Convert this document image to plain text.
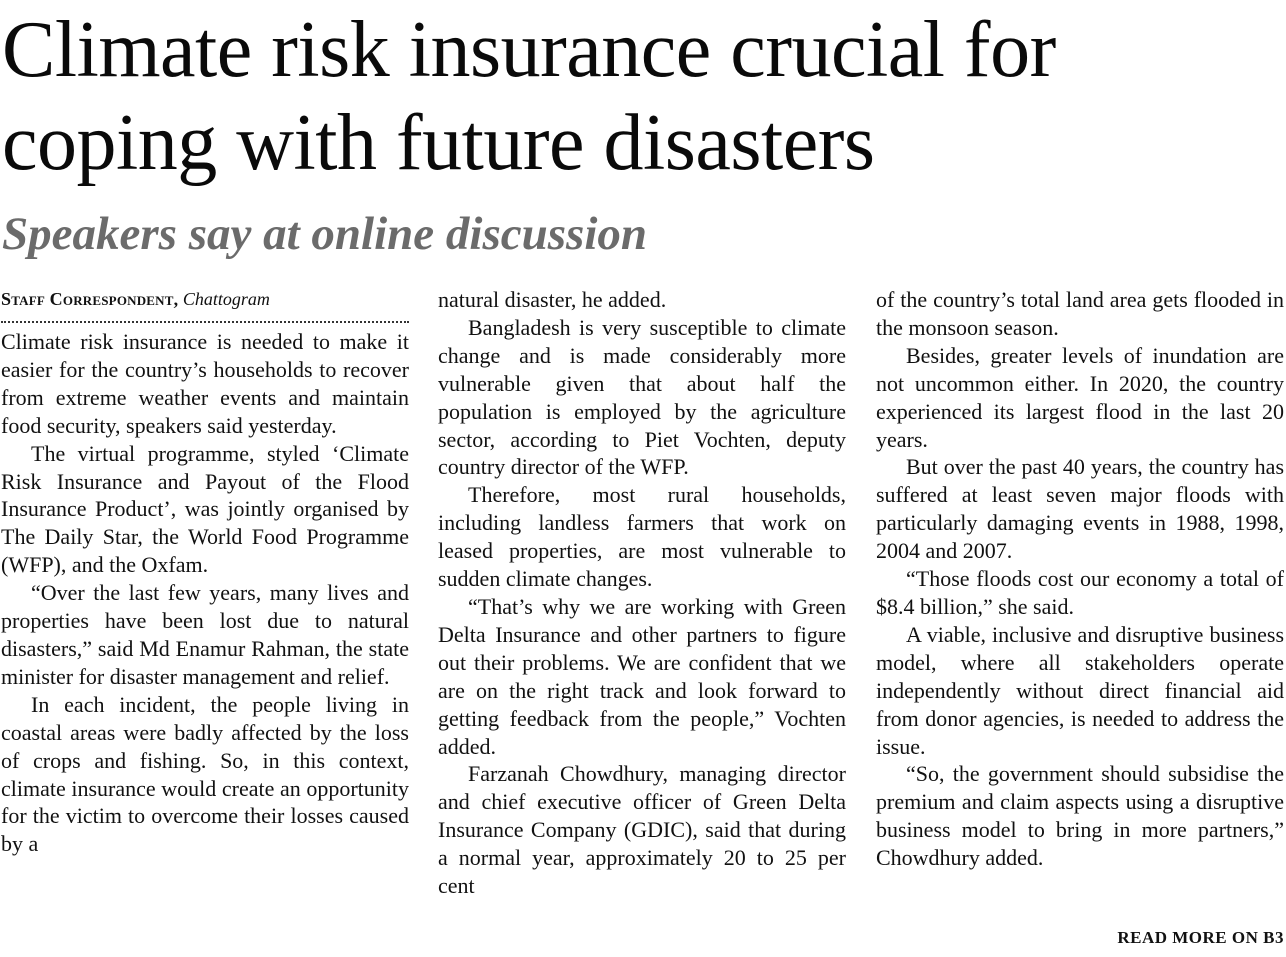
Climate risk insurance crucial for coping with future disasters
Speakers say at online discussion
Staff Correspondent, Chattogram

Climate risk insurance is needed to make it easier for the country’s households to recover from extreme weather events and maintain food security, speakers said yesterday.

The virtual programme, styled ‘Climate Risk Insurance and Payout of the Flood Insurance Product’, was jointly organised by The Daily Star, the World Food Programme (WFP), and the Oxfam.

“Over the last few years, many lives and properties have been lost due to natural disasters,” said Md Enamur Rahman, the state minister for disaster management and relief.

In each incident, the people living in coastal areas were badly affected by the loss of crops and fishing. So, in this context, climate insurance would create an opportunity for the victim to overcome their losses caused by a

natural disaster, he added.

Bangladesh is very susceptible to climate change and is made considerably more vulnerable given that about half the population is employed by the agriculture sector, according to Piet Vochten, deputy country director of the WFP.

Therefore, most rural households, including landless farmers that work on leased properties, are most vulnerable to sudden climate changes.

“That’s why we are working with Green Delta Insurance and other partners to figure out their problems. We are confident that we are on the right track and look forward to getting feedback from the people,” Vochten added.

Farzanah Chowdhury, managing director and chief executive officer of Green Delta Insurance Company (GDIC), said that during a normal year, approximately 20 to 25 per cent

of the country’s total land area gets flooded in the monsoon season.

Besides, greater levels of inundation are not uncommon either. In 2020, the country experienced its largest flood in the last 20 years.

But over the past 40 years, the country has suffered at least seven major floods with particularly damaging events in 1988, 1998, 2004 and 2007.

“Those floods cost our economy a total of $8.4 billion,” she said.

A viable, inclusive and disruptive business model, where all stakeholders operate independently without direct financial aid from donor agencies, is needed to address the issue.

“So, the government should subsidise the premium and claim aspects using a disruptive business model to bring in more partners,” Chowdhury added.

READ MORE ON B3
